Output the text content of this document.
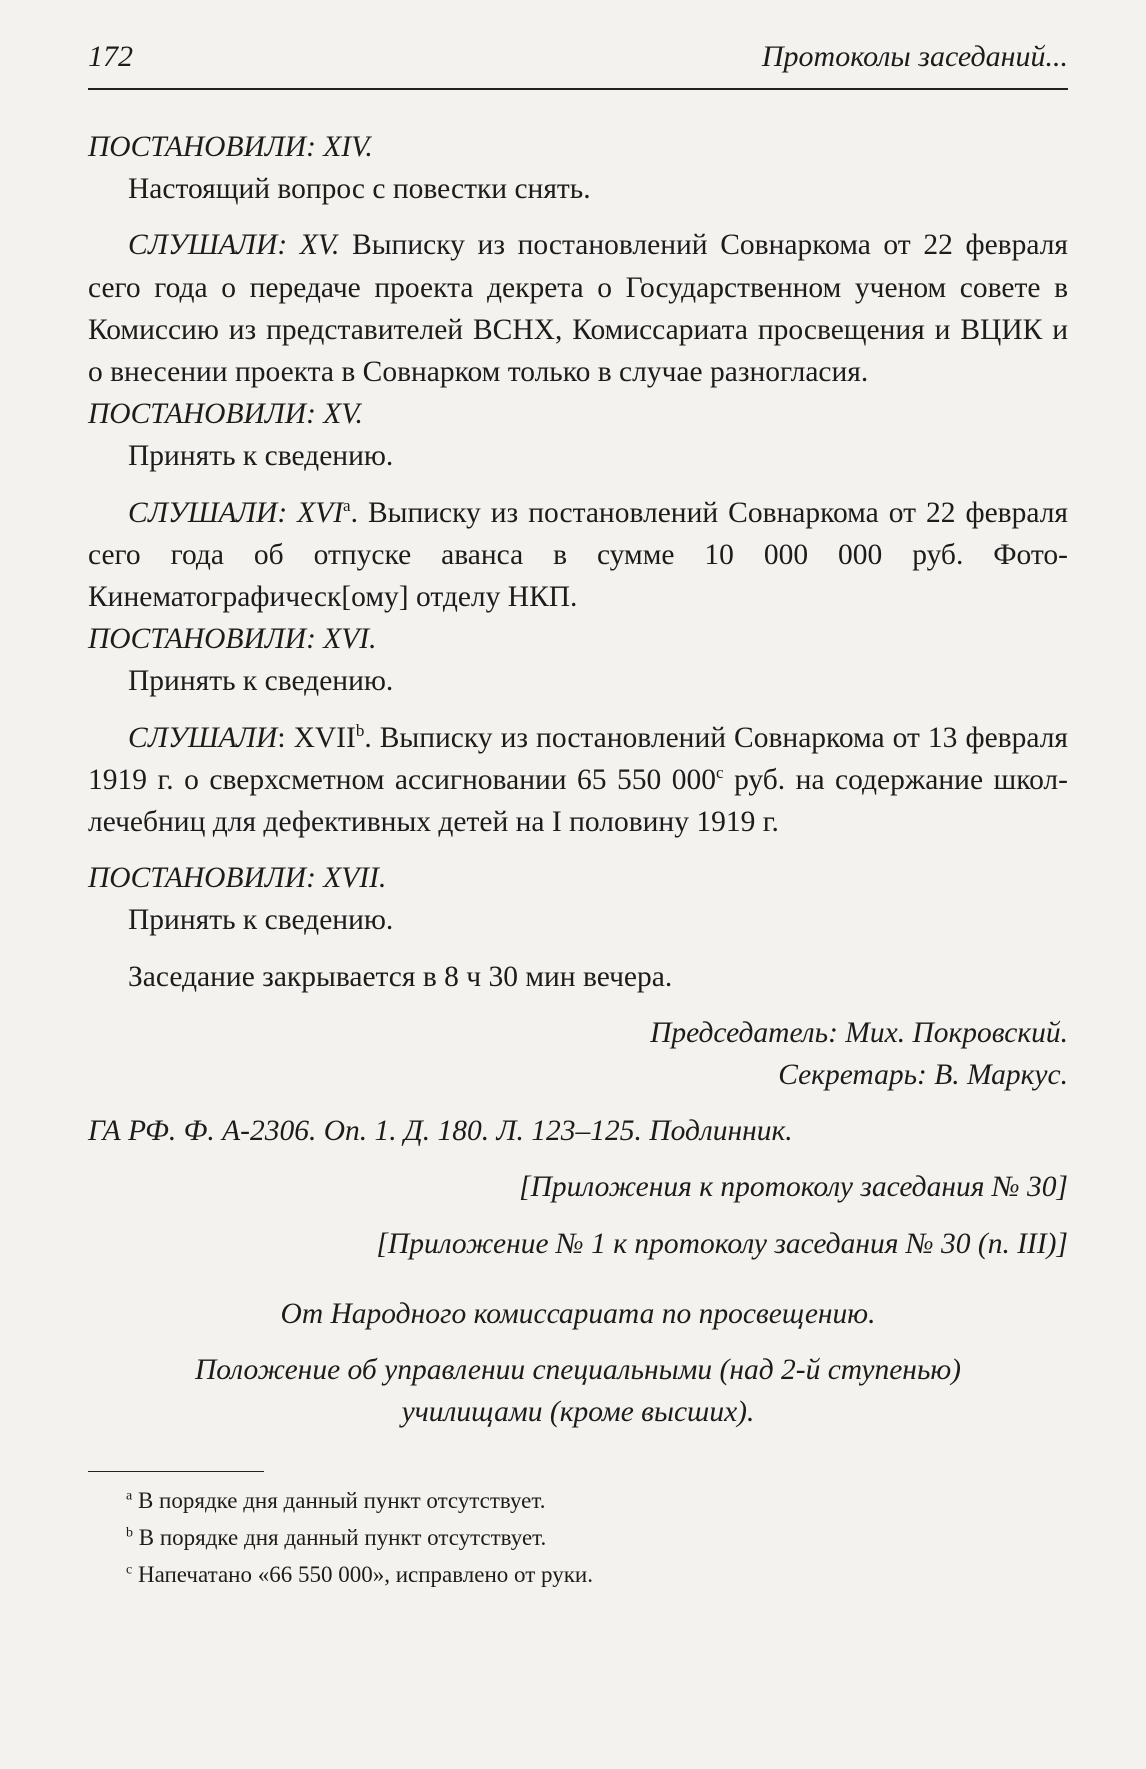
172	Протоколы заседаний...

ПОСТАНОВИЛИ: XIV.

Настоящий вопрос с повестки снять.

СЛУШАЛИ: XV. Выписку из постановлений Совнаркома от 22 февраля сего года о передаче проекта декрета о Государственном ученом совете в Комиссию из представителей ВСНХ, Комиссариата просвещения и ВЦИК и о внесении проекта в Совнарком только в случае разногласия.

ПОСТАНОВИЛИ: XV.

Принять к сведению.

СЛУШАЛИ: XVI$^a$. Выписку из постановлений Совнаркома от 22 февраля сего года об отпуске аванса в сумме 10 000 000 руб. Фото-Кинематографическ[ому] отделу НКП.

ПОСТАНОВИЛИ: XVI.

Принять к сведению.

СЛУШАЛИ: XVII$^b$. Выписку из постановлений Совнаркома от 13 февраля 1919 г. о сверхсметном ассигновании 65 550 000$^c$ руб. на содержание школ-лечебниц для дефективных детей на I половину 1919 г.

ПОСТАНОВИЛИ: XVII.

Принять к сведению.

Заседание закрывается в 8 ч 30 мин вечера.

Председатель: Мих. Покровский.

Секретарь: В. Маркус.

ГА РФ. Ф. А-2306. Оп. 1. Д. 180. Л. 123–125. Подлинник.

[Приложения к протоколу заседания № 30]

[Приложение № 1 к протоколу заседания № 30 (п. III)]

От Народного комиссариата по просвещению.

Положение об управлении специальными (над 2-й ступенью)

училищами (кроме высших).

$^a$ В порядке дня данный пункт отсутствует.

$^b$ В порядке дня данный пункт отсутствует.

$^c$ Напечатано «66 550 000», исправлено от руки.
